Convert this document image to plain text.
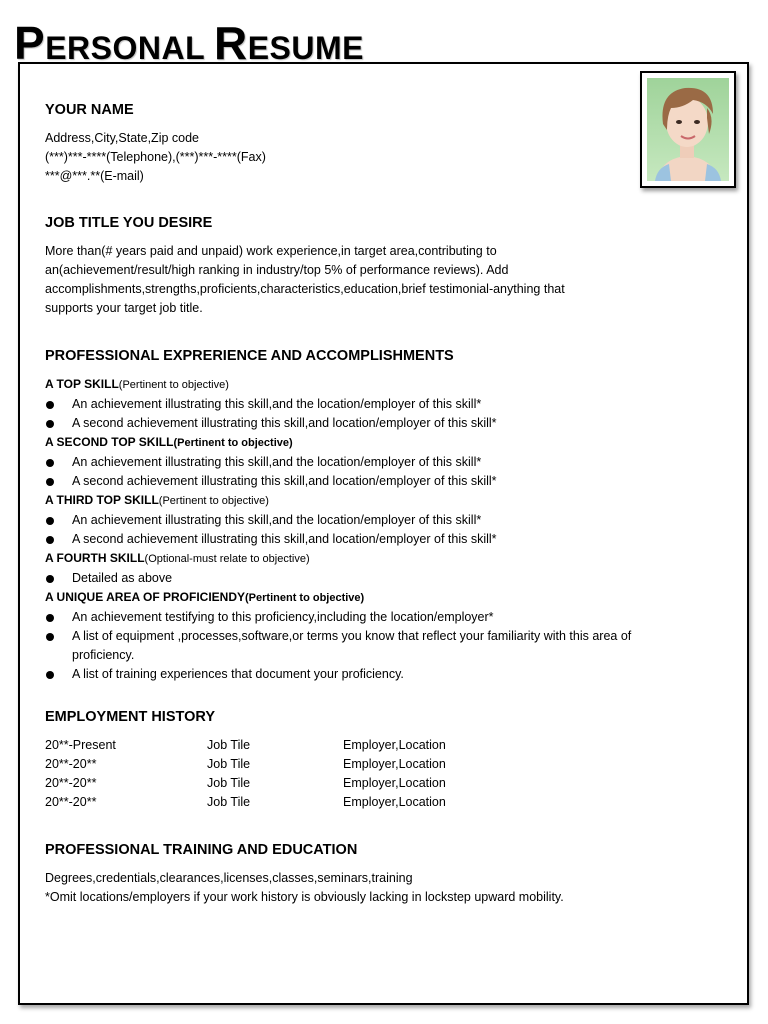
PERSONAL RESUME
YOUR NAME
Address,City,State,Zip code
(***)***-****(Telephone),(***)***-****(Fax)
***@***.**(E-mail)
JOB TITLE YOU DESIRE
More than(# years paid and unpaid) work experience,in target area,contributing to
an(achievement/result/high ranking in industry/top 5% of performance reviews). Add
accomplishments,strengths,proficients,characteristics,education,brief testimonial-anything that
supports your target job title.
PROFESSIONAL EXPRERIENCE AND ACCOMPLISHMENTS
A TOP SKILL(Pertinent to objective)
An achievement illustrating this skill,and the location/employer of this skill*
A second achievement illustrating this skill,and location/employer of this skill*
A SECOND TOP SKILL(Pertinent to objective)
An achievement illustrating this skill,and the location/employer of this skill*
A second achievement illustrating this skill,and location/employer of this skill*
A THIRD TOP SKILL(Pertinent to objective)
An achievement illustrating this skill,and the location/employer of this skill*
A second achievement illustrating this skill,and location/employer of this skill*
A FOURTH SKILL(Optional-must relate to objective)
Detailed as above
A UNIQUE AREA OF PROFICIENDY(Pertinent to objective)
An achievement testifying to this proficiency,including the location/employer*
A list of equipment ,processes,software,or terms you know that reflect your familiarity with this area of proficiency.
A list of training experiences that document your proficiency.
EMPLOYMENT HISTORY
20**-Present	Job Tile	Employer,Location
20**-20**	Job Tile	Employer,Location
20**-20**	Job Tile	Employer,Location
20**-20**	Job Tile	Employer,Location
PROFESSIONAL TRAINING AND EDUCATION
Degrees,credentials,clearances,licenses,classes,seminars,training
*Omit locations/employers if your work history is obviously lacking in lockstep upward mobility.
